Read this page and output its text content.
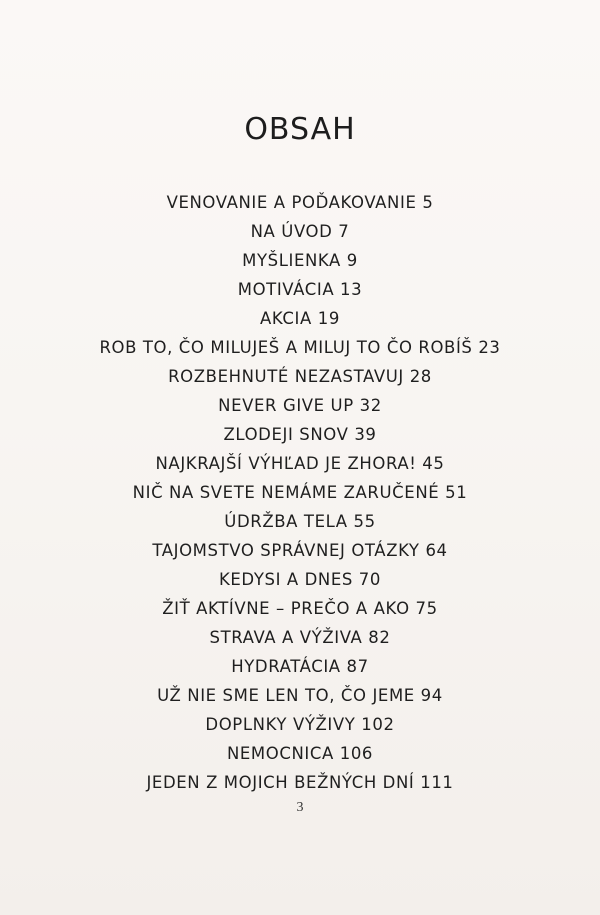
OBSAH
VENOVANIE A POĎAKOVANIE 5
NA ÚVOD 7
MYŠLIENKA 9
MOTIVÁCIA 13
AKCIA 19
ROB TO, ČO MILUJEŠ A MILUJ TO ČO ROBÍŠ 23
ROZBEHNUTÉ NEZASTAVUJ 28
NEVER GIVE UP 32
ZLODEJI SNOV 39
NAJKRAJŠÍ VÝHĽAD JE ZHORA! 45
NIČ NA SVETE NEMÁME ZARUČENÉ 51
ÚDRŽBA TELA 55
TAJOMSTVO SPRÁVNEJ OTÁZKY 64
KEDYSI A DNES 70
ŽIŤ AKTÍVNE – PREČO A AKO 75
STRAVA A VÝŽIVA 82
HYDRATÁCIA 87
UŽ NIE SME LEN TO, ČO JEME 94
DOPLNKY VÝŽIVY 102
NEMOCNICA 106
JEDEN Z MOJICH BEŽNÝCH DNÍ 111
3
